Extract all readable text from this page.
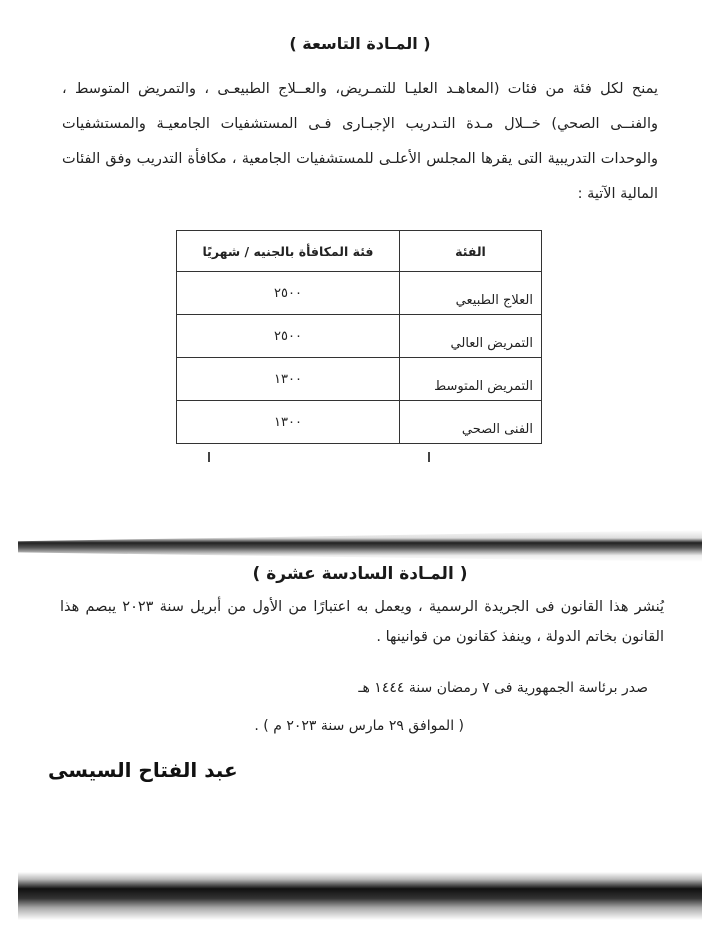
( المـادة التاسعة )
يمنح لكل فئة من فئات (المعاهـد العليـا للتمـريض، والعــلاج الطبيعـى ، والتمريض المتوسط ، والفنــى الصحي) خــلال مـدة التـدريب الإجبـارى فـى المستشفيات الجامعيـة والمستشفيات والوحدات التدريبية التى يقرها المجلس الأعلـى للمستشفيات الجامعية ، مكافأة التدريب وفق الفئات المالية الآتية :
الفئة	فئة المكافأة بالجنيه / شهريًا
العلاج الطبيعي	٢٥٠٠
التمريض العالي	٢٥٠٠
التمريض المتوسط	١٣٠٠
الفنى الصحي	١٣٠٠
( المـادة السادسة عشرة )
يُنشر هذا القانون فى الجريدة الرسمية ، ويعمل به اعتبارًا من الأول من أبريل سنة ٢٠٢٣ يبصم هذا القانون بخاتم الدولة ، وينفذ كقانون من قوانينها .
صدر برئاسة الجمهورية فى ٧ رمضان سنة ١٤٤٤ هـ
( الموافق ٢٩ مارس سنة ٢٠٢٣ م ) .
عبد الفتاح السيسى
